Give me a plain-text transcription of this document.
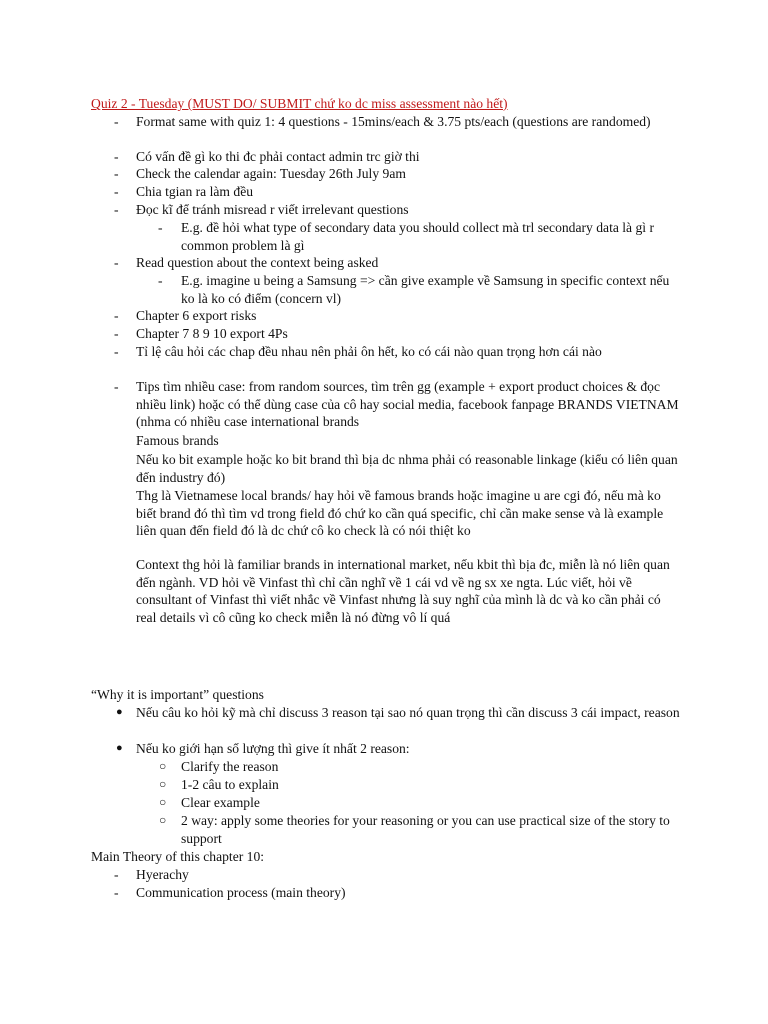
Quiz 2 - Tuesday (MUST DO/ SUBMIT chứ ko dc miss assessment nào hết)

- Format same with quiz 1: 4 questions - 15mins/each & 3.75 pts/each (questions are randomed)

- Có vấn đề gì ko thi đc phải contact admin trc giờ thi

- Check the calendar again: Tuesday 26th July 9am

- Chia tgian ra làm đều

- Đọc kĩ để tránh misread r viết irrelevant questions

- E.g. đề hỏi what type of secondary data you should collect mà trl secondary data là gì r common problem là gì

- Read question about the context being asked

- E.g. imagine u being a Samsung => cần give example về Samsung in specific context nếu ko là ko có điểm (concern vl)

- Chapter 6 export risks

- Chapter 7 8 9 10 export 4Ps

- Tỉ lệ câu hỏi các chap đều nhau nên phải ôn hết, ko có cái nào quan trọng hơn cái nào

- Tips tìm nhiều case: from random sources, tìm trên gg (example + export product choices & đọc nhiều link) hoặc có thể dùng case của cô hay social media, facebook fanpage BRANDS VIETNAM (nhma có nhiều case international brands

Famous brands

Nếu ko bit example hoặc ko bit brand thì bịa dc nhma phải có reasonable linkage (kiểu có liên quan đến industry đó)

Thg là Vietnamese local brands/ hay hỏi về famous brands hoặc imagine u are cgi đó, nếu mà ko biết brand đó thì tìm vd trong field đó chứ ko cần quá specific, chỉ cần make sense và là example liên quan đến field đó là dc chứ cô ko check là có nói thiệt ko

Context thg hỏi là familiar brands in international market, nếu kbit thì bịa đc, miễn là nó liên quan đến ngành. VD hỏi về Vinfast thì chỉ cần nghĩ về 1 cái vd về ng sx xe ngta. Lúc viết, hỏi về consultant of Vinfast thì viết nhắc về Vinfast nhưng là suy nghĩ của mình là dc và ko cần phải có real details vì cô cũng ko check miễn là nó đừng vô lí quá

“Why it is important” questions

● Nếu câu ko hỏi kỹ mà chỉ discuss 3 reason tại sao nó quan trọng thì cần discuss 3 cái impact, reason

● Nếu ko giới hạn số lượng thì give ít nhất 2 reason:

○ Clarify the reason

○ 1-2 câu to explain

○ Clear example

○ 2 way: apply some theories for your reasoning or you can use practical size of the story to support

Main Theory of this chapter 10:

- Hyerachy

- Communication process (main theory)
